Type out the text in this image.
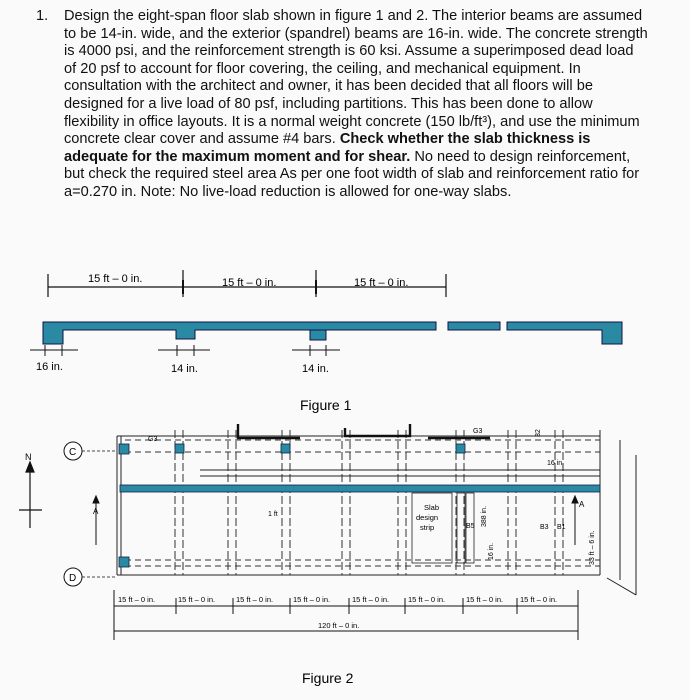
1. Design the eight-span floor slab shown in figure 1 and 2. The interior beams are assumed to be 14-in. wide, and the exterior (spandrel) beams are 16-in. wide. The concrete strength is 4000 psi, and the reinforcement strength is 60 ksi. Assume a superimposed dead load of 20 psf to account for floor covering, the ceiling, and mechanical equipment. In consultation with the architect and owner, it has been decided that all floors will be designed for a live load of 80 psf, including partitions. This has been done to allow flexibility in office layouts. It is a normal weight concrete (150 lb/ft³), and use the minimum concrete clear cover and assume #4 bars. Check whether the slab thickness is adequate for the maximum moment and for shear. No need to design reinforcement, but check the required steel area As per one foot width of slab and reinforcement ratio for a=0.270 in. Note: No live-load reduction is allowed for one-way slabs.
15 ft – 0 in.	15 ft – 0 in.	15 ft – 0 in.
16 in.	14 in.	14 in.
Figure 1
C
D
N
A
A
G3
G3
1 ft
Slab design strip	B5 388 in.
16 in.
16 in.
32
B3 B1
33 ft – 6 in.
15 ft – 0 in.	15 ft – 0 in.	15 ft – 0 in.	15 ft – 0 in.	15 ft – 0 in.	15 ft – 0 in.	15 ft – 0 in. 15 ft – 0 in.
120 ft – 0 in.
Figure 2
